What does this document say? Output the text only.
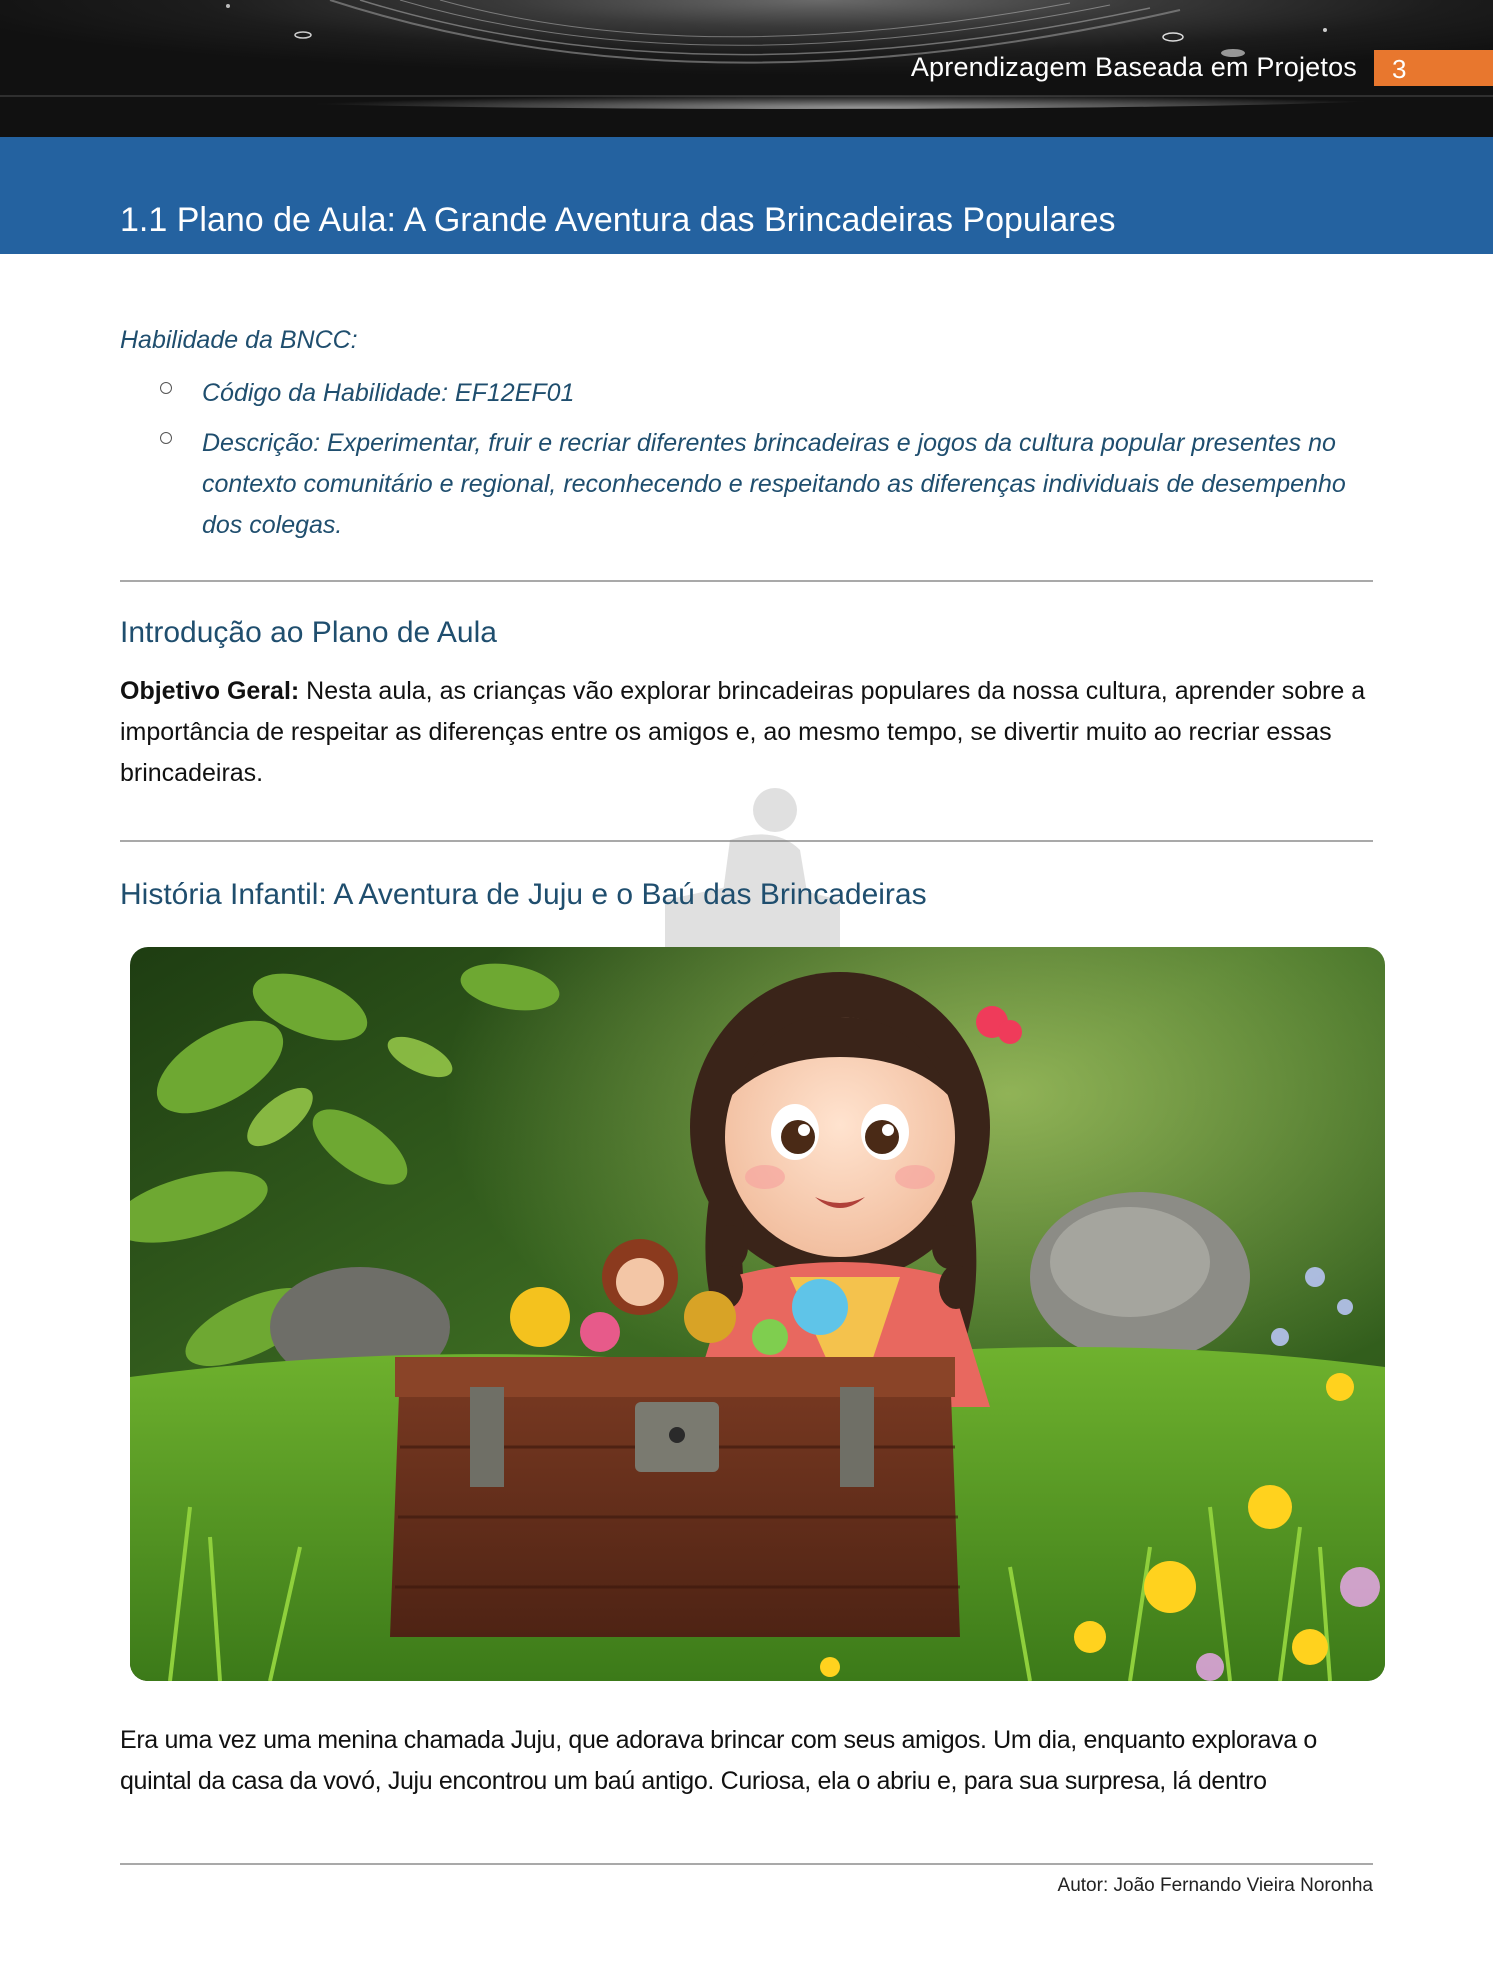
Aprendizagem Baseada em Projetos 3
1.1 Plano de Aula: A Grande Aventura das Brincadeiras Populares
Habilidade da BNCC:
Código da Habilidade: EF12EF01
Descrição: Experimentar, fruir e recriar diferentes brincadeiras e jogos da cultura popular presentes no contexto comunitário e regional, reconhecendo e respeitando as diferenças individuais de desempenho dos colegas.
Introdução ao Plano de Aula

Objetivo Geral: Nesta aula, as crianças vão explorar brincadeiras populares da nossa cultura, aprender sobre a importância de respeitar as diferenças entre os amigos e, ao mesmo tempo, se divertir muito ao recriar essas brincadeiras.

História Infantil: A Aventura de Juju e o Baú das Brincadeiras

Era uma vez uma menina chamada Juju, que adorava brincar com seus amigos. Um dia, enquanto explorava o quintal da casa da vovó, Juju encontrou um baú antigo. Curiosa, ela o abriu e, para sua surpresa, lá dentro

Autor: João Fernando Vieira Noronha
